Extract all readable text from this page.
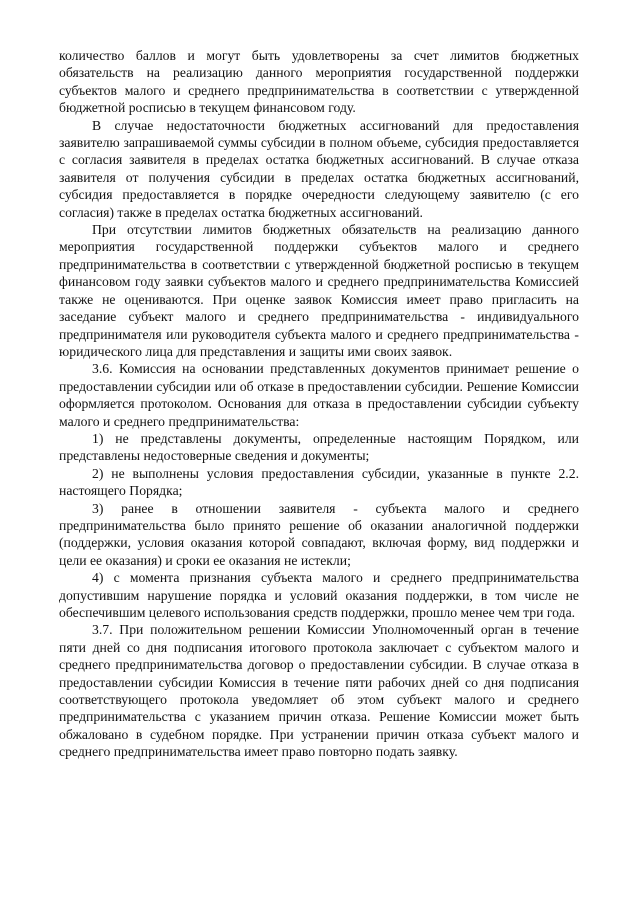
количество баллов и могут быть удовлетворены за счет лимитов бюджетных обязательств на реализацию данного мероприятия государственной поддержки субъектов малого и среднего предпринимательства в соответствии с утвержденной бюджетной росписью в текущем финансовом году.

В случае недостаточности бюджетных ассигнований для предоставления заявителю запрашиваемой суммы субсидии в полном объеме, субсидия предоставляется с согласия заявителя в пределах остатка бюджетных ассигнований. В случае отказа заявителя от получения субсидии в пределах остатка бюджетных ассигнований, субсидия предоставляется в порядке очередности следующему заявителю (с его согласия) также в пределах остатка бюджетных ассигнований.

При отсутствии лимитов бюджетных обязательств на реализацию данного мероприятия государственной поддержки субъектов малого и среднего предпринимательства в соответствии с утвержденной бюджетной росписью в текущем финансовом году заявки субъектов малого и среднего предпринимательства Комиссией также не оцениваются. При оценке заявок Комиссия имеет право пригласить на заседание субъект малого и среднего предпринимательства - индивидуального предпринимателя или руководителя субъекта малого и среднего предпринимательства - юридического лица для представления и защиты ими своих заявок.

3.6. Комиссия на основании представленных документов принимает решение о предоставлении субсидии или об отказе в предоставлении субсидии. Решение Комиссии оформляется протоколом. Основания для отказа в предоставлении субсидии субъекту малого и среднего предпринимательства:

1) не представлены документы, определенные настоящим Порядком, или представлены недостоверные сведения и документы;

2) не выполнены условия предоставления субсидии, указанные в пункте 2.2. настоящего Порядка;

3) ранее в отношении заявителя - субъекта малого и среднего предпринимательства было принято решение об оказании аналогичной поддержки (поддержки, условия оказания которой совпадают, включая форму, вид поддержки и цели ее оказания) и сроки ее оказания не истекли;

4) с момента признания субъекта малого и среднего предпринимательства допустившим нарушение порядка и условий оказания поддержки, в том числе не обеспечившим целевого использования средств поддержки, прошло менее чем три года.

3.7. При положительном решении Комиссии Уполномоченный орган в течение пяти дней со дня подписания итогового протокола заключает с субъектом малого и среднего предпринимательства договор о предоставлении субсидии. В случае отказа в предоставлении субсидии Комиссия в течение пяти рабочих дней со дня подписания соответствующего протокола уведомляет об этом субъект малого и среднего предпринимательства с указанием причин отказа. Решение Комиссии может быть обжаловано в судебном порядке. При устранении причин отказа субъект малого и среднего предпринимательства имеет право повторно подать заявку.
